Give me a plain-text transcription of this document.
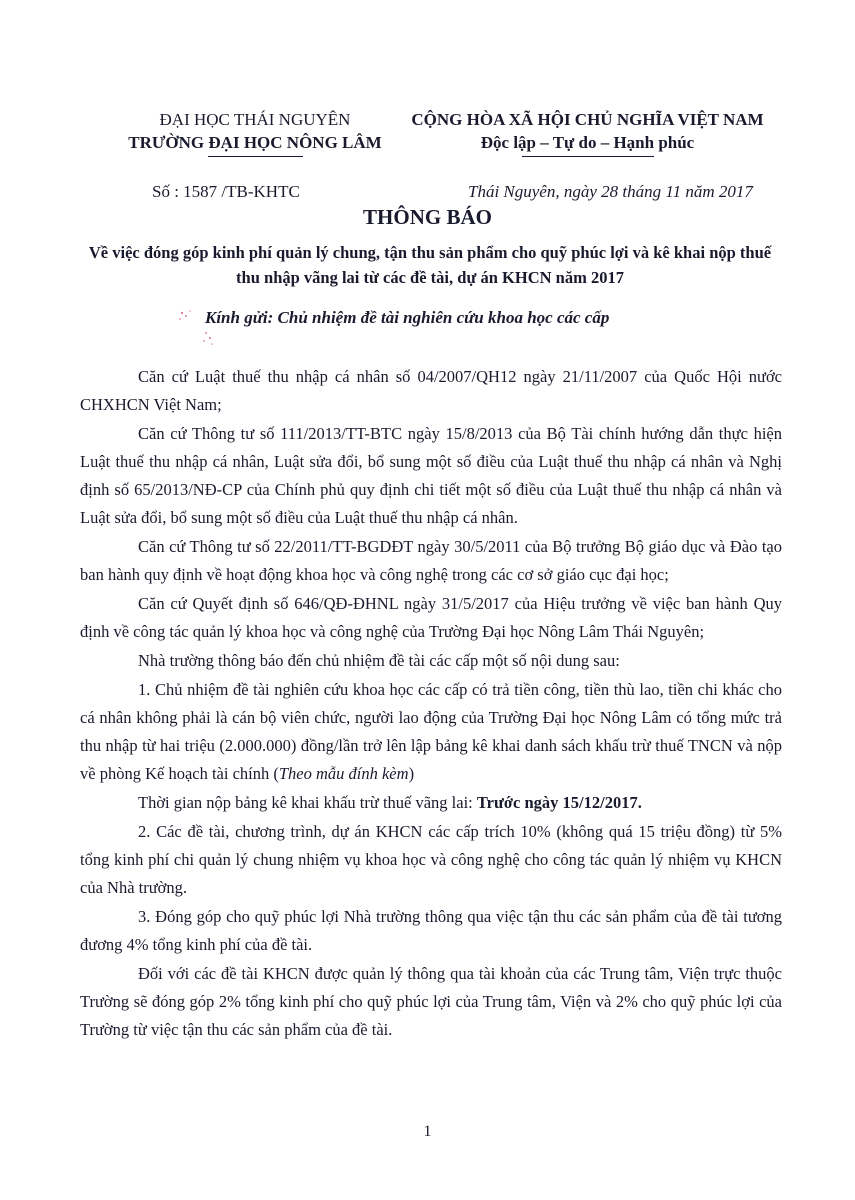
ĐẠI HỌC THÁI NGUYÊN
TRƯỜNG ĐẠI HỌC NÔNG LÂM
CỘNG HÒA XÃ HỘI CHỦ NGHĨA VIỆT NAM
Độc lập – Tự do – Hạnh phúc
Số : 1587 /TB-KHTC	Thái Nguyên, ngày 28 tháng 11 năm 2017
THÔNG BÁO
Về việc đóng góp kinh phí quản lý chung, tận thu sản phẩm cho quỹ phúc lợi và kê khai nộp thuế thu nhập vãng lai từ các đề tài, dự án KHCN năm 2017
Kính gửi: Chủ nhiệm đề tài nghiên cứu khoa học các cấp

Căn cứ Luật thuế thu nhập cá nhân số 04/2007/QH12 ngày 21/11/2007 của Quốc Hội nước CHXHCN Việt Nam;

Căn cứ Thông tư số 111/2013/TT-BTC ngày 15/8/2013 của Bộ Tài chính hướng dẫn thực hiện Luật thuế thu nhập cá nhân, Luật sửa đổi, bổ sung một số điều của Luật thuế thu nhập cá nhân và Nghị định số 65/2013/NĐ-CP của Chính phủ quy định chi tiết một số điều của Luật thuế thu nhập cá nhân và Luật sửa đổi, bổ sung một số điều của Luật thuế thu nhập cá nhân.

Căn cứ Thông tư số 22/2011/TT-BGDĐT ngày 30/5/2011 của Bộ trưởng Bộ giáo dục và Đào tạo ban hành quy định về hoạt động khoa học và công nghệ trong các cơ sở giáo cục đại học;

Căn cứ Quyết định số 646/QĐ-ĐHNL ngày 31/5/2017 của Hiệu trưởng về việc ban hành Quy định về công tác quản lý khoa học và công nghệ của Trường Đại học Nông Lâm Thái Nguyên;

Nhà trường thông báo đến chủ nhiệm đề tài các cấp một số nội dung sau:

1. Chủ nhiệm đề tài nghiên cứu khoa học các cấp có trả tiền công, tiền thù lao, tiền chi khác cho cá nhân không phải là cán bộ viên chức, người lao động của Trường Đại học Nông Lâm có tổng mức trả thu nhập từ hai triệu (2.000.000) đồng/lần trở lên lập bảng kê khai danh sách khấu trừ thuế TNCN và nộp về phòng Kế hoạch tài chính (Theo mẫu đính kèm)

Thời gian nộp bảng kê khai khấu trừ thuế vãng lai: Trước ngày 15/12/2017.

2. Các đề tài, chương trình, dự án KHCN các cấp trích 10% (không quá 15 triệu đồng) từ 5% tổng kinh phí chi quản lý chung nhiệm vụ khoa học và công nghệ cho công tác quản lý nhiệm vụ KHCN của Nhà trường.

3. Đóng góp cho quỹ phúc lợi Nhà trường thông qua việc tận thu các sản phẩm của đề tài tương đương 4% tổng kinh phí của đề tài.

Đối với các đề tài KHCN được quản lý thông qua tài khoản của các Trung tâm, Viện trực thuộc Trường sẽ đóng góp 2% tổng kinh phí cho quỹ phúc lợi của Trung tâm, Viện và 2% cho quỹ phúc lợi của Trường từ việc tận thu các sản phẩm của đề tài.

1
